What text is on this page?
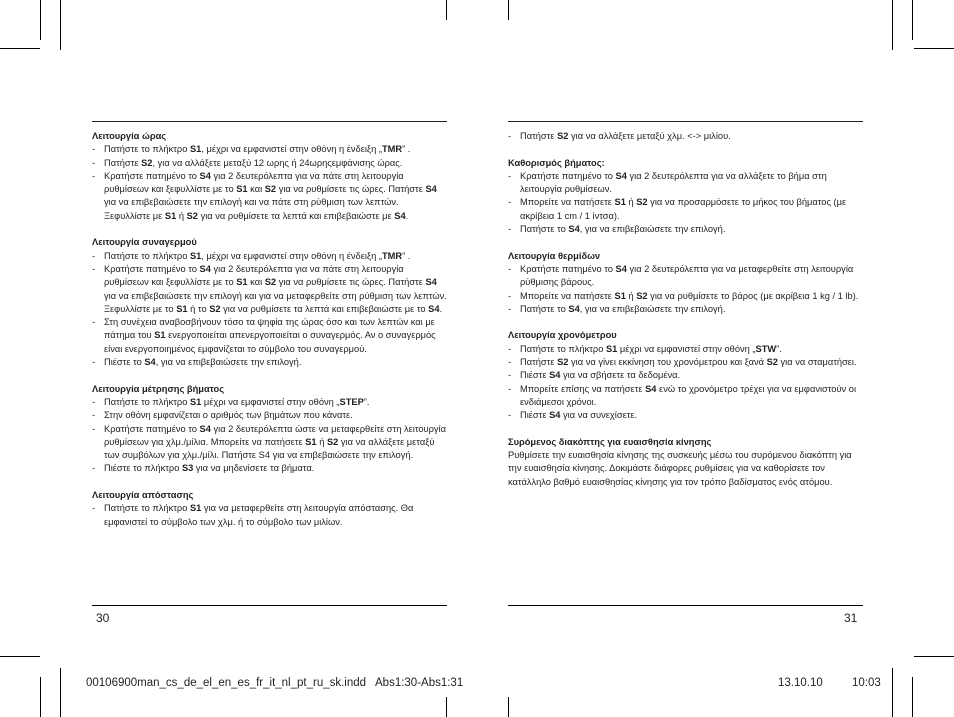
Λειτουργία ώρας
- Πατήστε το πλήκτρο S1, μέχρι να εμφανιστεί στην οθόνη η ένδειξη „TMR” .
- Πατήστε S2, για να αλλάξετε μεταξύ 12 ωρης ή 24ωρηςεμφάνισης ώρας.
- Κρατήστε πατημένο το S4 για 2 δευτερόλεπτα για να πάτε στη λειτουργία ρυθμίσεων και ξεφυλλίστε με το S1 και S2 για να ρυθμίσετε τις ώρες. Πατήστε S4 για να επιβεβαιώσετε την επιλογή και να πάτε στη ρύθμιση των λεπτών. Ξεφυλλίστε με S1 ή S2 για να ρυθμίσετε τα λεπτά και επιβεβαιώστε με S4.
Λειτουργία συναγερμού
- Πατήστε το πλήκτρο S1, μέχρι να εμφανιστεί στην οθόνη η ένδειξη „TMR” .
- Κρατήστε πατημένο το S4 για 2 δευτερόλεπτα για να πάτε στη λειτουργία ρυθμίσεων και ξεφυλλίστε με το S1 και S2 για να ρυθμίσετε τις ώρες. Πατήστε S4 για να επιβεβαιώσετε την επιλογή και για να μεταφερθείτε στη ρύθμιση των λεπτών. Ξεφυλλίστε με το S1 ή το S2 για να ρυθμίσετε τα λεπτά και επιβεβαιώστε με το S4.
- Στη συνέχεια αναβοσβήνουν τόσο τα ψηφία της ώρας όσο και των λεπτών και με πάτημα του S1 ενεργοποιείται απενεργοποιείται ο συναγερμός. Αν ο συναγερμός είναι ενεργοποιημένος εμφανίζεται το σύμβολο του συναγερμού.
- Πιέστε το S4, για να επιβεβαιώσετε την επιλογή.
Λειτουργία μέτρησης βήματος
- Πατήστε το πλήκτρο S1 μέχρι να εμφανιστεί στην οθόνη „STEP”.
- Στην οθόνη εμφανίζεται ο αριθμός των βημάτων που κάνατε.
- Κρατήστε πατημένο το S4 για 2 δευτερόλεπτα ώστε να μεταφερθείτε στη λειτουργία ρυθμίσεων για χλμ./μίλια. Μπορείτε να πατήσετε S1 ή S2 για να αλλάξετε μεταξύ των συμβόλων για χλμ./μίλι. Πατήστε S4 για να επιβεβαιώσετε την επιλογή.
- Πιέστε το πλήκτρο S3 για να μηδενίσετε τα βήματα.
Λειτουργία απόστασης
- Πατήστε το πλήκτρο S1 για να μεταφερθείτε στη λειτουργία απόστασης. Θα εμφανιστεί το σύμβολο των χλμ. ή το σύμβολο των μιλίων.
30
- Πατήστε S2 για να αλλάξετε μεταξύ χλμ. <-> μιλίου.
Καθορισμός βήματος:
- Κρατήστε πατημένο το S4 για 2 δευτερόλεπτα για να αλλάξετε το βήμα στη λειτουργία ρυθμίσεων.
- Μπορείτε να πατήσετε S1 ή S2 για να προσαρμόσετε το μήκος του βήματος (με ακρίβεια 1 cm / 1 ίντσα).
- Πατήστε το S4, για να επιβεβαιώσετε την επιλογή.
Λειτουργία θερμίδων
- Κρατήστε πατημένο το S4 για 2 δευτερόλεπτα για να μεταφερθείτε στη λειτουργία ρύθμισης βάρους.
- Μπορείτε να πατήσετε S1 ή S2 για να ρυθμίσετε το βάρος (με ακρίβεια 1 kg / 1 lb).
- Πατήστε το S4, για να επιβεβαιώσετε την επιλογή.
Λειτουργία χρονόμετρου
- Πατήστε το πλήκτρο S1 μέχρι να εμφανιστεί στην οθόνη „STW”.
- Πατήστε S2 για να γίνει εκκίνηση του χρονόμετρου και ξανά S2 για να σταματήσει.
- Πιέστε S4 για να σβήσετε τα δεδομένα.
- Μπορείτε επίσης να πατήσετε S4 ενώ το χρονόμετρο τρέχει για να εμφανιστούν οι ενδιάμεσοι χρόνοι.
- Πιέστε S4 για να συνεχίσετε.
Συρόμενος διακόπτης για ευαισθησία κίνησης
Ρυθμίσετε την ευαισθησία κίνησης της συσκευής μέσω του συρόμενου διακόπτη για την ευαισθησία κίνησης. Δοκιμάστε διάφορες ρυθμίσεις για να καθορίσετε τον κατάλληλο βαθμό ευαισθησίας κίνησης για τον τρόπο βαδίσματος ενός ατόμου.
31
00106900man_cs_de_el_en_es_fr_it_nl_pt_ru_sk.indd   Abs1:30-Abs1:31	13.10.10	10:03
